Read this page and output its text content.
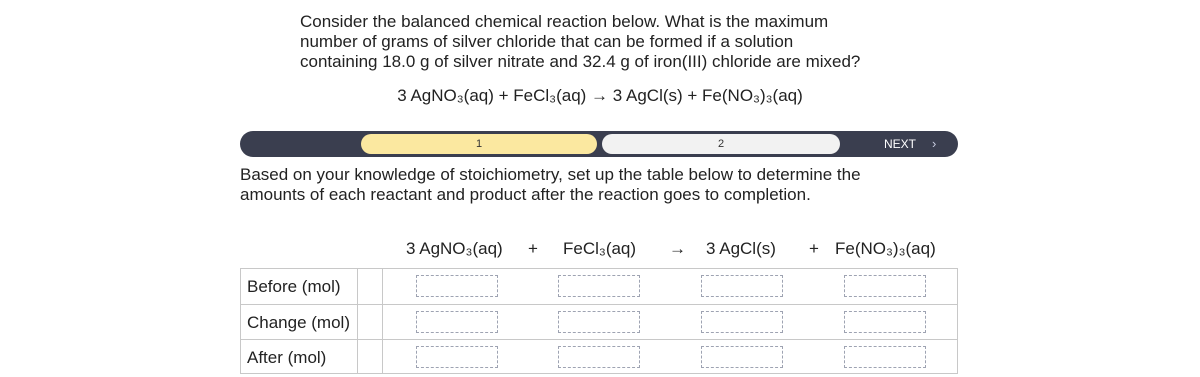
Consider the balanced chemical reaction below. What is the maximum
number of grams of silver chloride that can be formed if a solution
containing 18.0 g of silver nitrate and 32.4 g of iron(III) chloride are mixed?
3 AgNO₃(aq) + FeCl₃(aq) → 3 AgCl(s) + Fe(NO₃)₃(aq)
1	2	NEXT ›
Based on your knowledge of stoichiometry, set up the table below to determine the
amounts of each reactant and product after the reaction goes to completion.
3 AgNO₃(aq) + FeCl₃(aq) → 3 AgCl(s) + Fe(NO₃)₃(aq)
Before (mol)
Change (mol)
After (mol)
